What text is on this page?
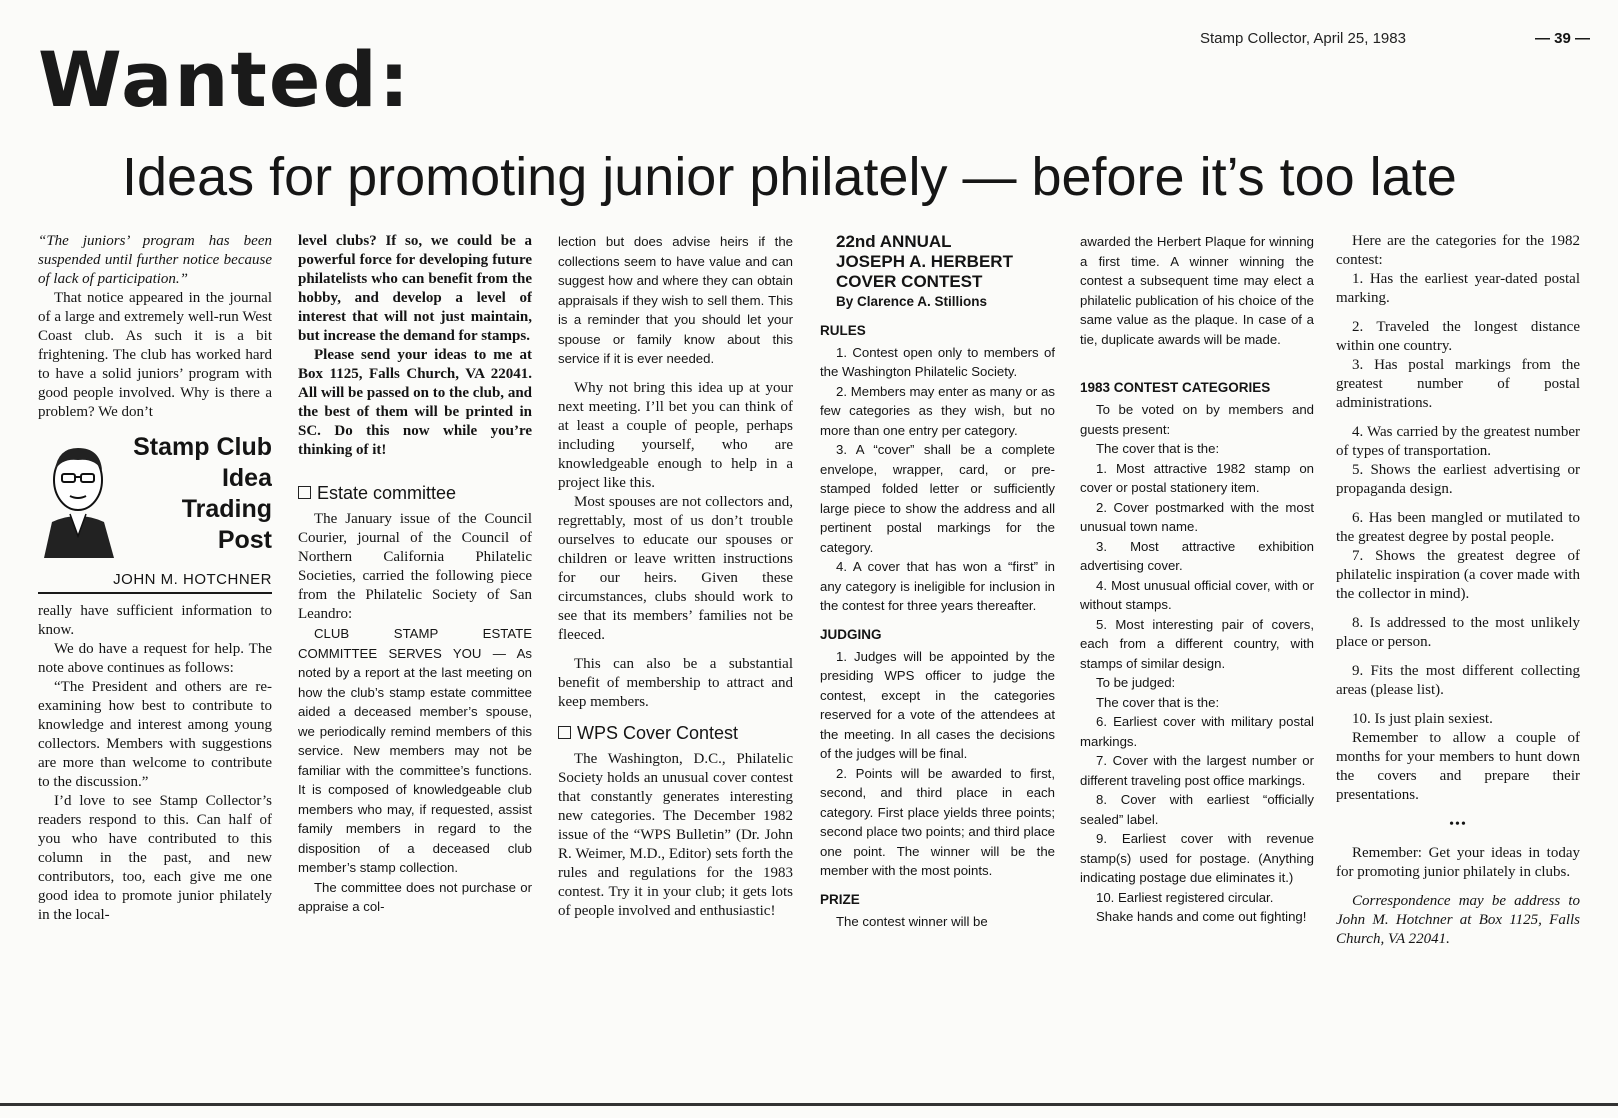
Stamp Collector, April 25, 1983	— 39 —
Wanted:
Ideas for promoting junior philately — before it’s too late

“The juniors’ program has been suspended until further notice because of lack of participation.”

That notice appeared in the journal of a large and extremely well-run West Coast club. As such it is a bit frightening. The club has worked hard to have a solid juniors’ program with good people involved. Why is there a problem? We don’t

Stamp Club
Idea
Trading
Post
JOHN M. HOTCHNER

really have sufficient information to know.

We do have a request for help. The note above continues as follows:

“The President and others are re-examining how best to contribute to knowledge and interest among young collectors. Members with suggestions are more than welcome to contribute to the discussion.”

I’d love to see Stamp Collector’s readers respond to this. Can half of you who have contributed to this column in the past, and new contributors, too, each give me one good idea to promote junior philately in the local-

level clubs? If so, we could be a powerful force for developing future philatelists who can benefit from the hobby, and develop a level of interest that will not just maintain, but increase the demand for stamps.

Please send your ideas to me at Box 1125, Falls Church, VA 22041. All will be passed on to the club, and the best of them will be printed in SC. Do this now while you’re thinking of it!

Estate committee

The January issue of the Council Courier, journal of the Council of Northern California Philatelic Societies, carried the following piece from the Philatelic Society of San Leandro:

CLUB STAMP ESTATE COMMITTEE SERVES YOU — As noted by a report at the last meeting on how the club’s stamp estate committee aided a deceased member’s spouse, we periodically remind members of this service. New members may not be familiar with the committee’s functions. It is composed of knowledgeable club members who may, if requested, assist family members in regard to the disposition of a deceased club member’s stamp collection.

The committee does not purchase or appraise a col-

lection but does advise heirs if the collections seem to have value and can suggest how and where they can obtain appraisals if they wish to sell them. This is a reminder that you should let your spouse or family know about this service if it is ever needed.

Why not bring this idea up at your next meeting. I’ll bet you can think of at least a couple of people, perhaps including yourself, who are knowledgeable enough to help in a project like this.

Most spouses are not collectors and, regrettably, most of us don’t trouble ourselves to educate our spouses or children or leave written instructions for our heirs. Given these circumstances, clubs should work to see that its members’ families not be fleeced.

This can also be a substantial benefit of membership to attract and keep members.

WPS Cover Contest

The Washington, D.C., Philatelic Society holds an unusual cover contest that constantly generates interesting new categories. The December 1982 issue of the “WPS Bulletin” (Dr. John R. Weimer, M.D., Editor) sets forth the rules and regulations for the 1983 contest. Try it in your club; it gets lots of people involved and enthusiastic!

22nd ANNUAL

JOSEPH A. HERBERT

COVER CONTEST

By Clarence A. Stillions

RULES

1. Contest open only to members of the Washington Philatelic Society.

2. Members may enter as many or as few categories as they wish, but no more than one entry per category.

3. A “cover” shall be a complete envelope, wrapper, card, or pre-stamped folded letter or sufficiently large piece to show the address and all pertinent postal markings for the category.

4. A cover that has won a “first” in any category is ineligible for inclusion in the contest for three years thereafter.

JUDGING

1. Judges will be appointed by the presiding WPS officer to judge the contest, except in the categories reserved for a vote of the attendees at the meeting. In all cases the decisions of the judges will be final.

2. Points will be awarded to first, second, and third place in each category. First place yields three points; second place two points; and third place one point. The winner will be the member with the most points.

PRIZE

The contest winner will be

awarded the Herbert Plaque for winning a first time. A winner winning the contest a subsequent time may elect a philatelic publication of his choice of the same value as the plaque. In case of a tie, duplicate awards will be made.

1983 CONTEST CATEGORIES

To be voted on by members and guests present:

The cover that is the:

1. Most attractive 1982 stamp on cover or postal stationery item.

2. Cover postmarked with the most unusual town name.

3. Most attractive exhibition advertising cover.

4. Most unusual official cover, with or without stamps.

5. Most interesting pair of covers, each from a different country, with stamps of similar design.

To be judged:

The cover that is the:

6. Earliest cover with military postal markings.

7. Cover with the largest number or different traveling post office markings.

8. Cover with earliest “officially sealed” label.

9. Earliest cover with revenue stamp(s) used for postage. (Anything indicating postage due eliminates it.)

10. Earliest registered circular.

Shake hands and come out fighting!

Here are the categories for the 1982 contest:

1. Has the earliest year-dated postal marking.

2. Traveled the longest distance within one country.

3. Has postal markings from the greatest number of postal administrations.

4. Was carried by the greatest number of types of transportation.

5. Shows the earliest advertising or propaganda design.

6. Has been mangled or mutilated to the greatest degree by postal people.

7. Shows the greatest degree of philatelic inspiration (a cover made with the collector in mind).

8. Is addressed to the most unlikely place or person.

9. Fits the most different collecting areas (please list).

10. Is just plain sexiest.

Remember to allow a couple of months for your members to hunt down the covers and prepare their presentations.

•••

Remember: Get your ideas in today for promoting junior philately in clubs.

Correspondence may be address to John M. Hotchner at Box 1125, Falls Church, VA 22041.
